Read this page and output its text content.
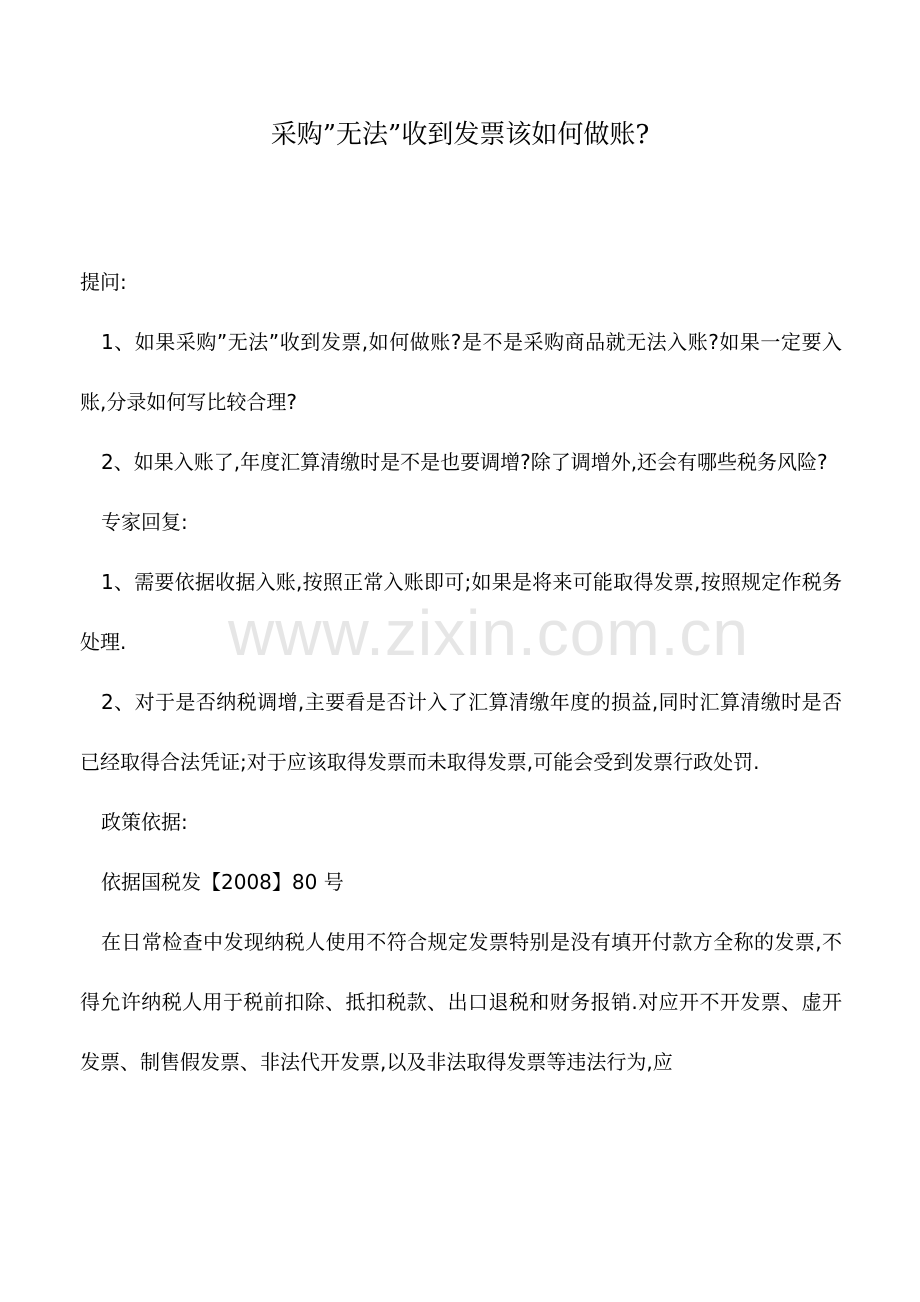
www.zixin.com.cn
采购”无法”收到发票该如何做账?

提问:

1、如果采购”无法”收到发票,如何做账?是不是采购商品就无法入账?如果一定要入账,分录如何写比较合理?

2、如果入账了,年度汇算清缴时是不是也要调增?除了调增外,还会有哪些税务风险?

专家回复:

1、需要依据收据入账,按照正常入账即可;如果是将来可能取得发票,按照规定作税务处理.

2、对于是否纳税调增,主要看是否计入了汇算清缴年度的损益,同时汇算清缴时是否已经取得合法凭证;对于应该取得发票而未取得发票,可能会受到发票行政处罚.

政策依据:

依据国税发【2008】80 号

在日常检查中发现纳税人使用不符合规定发票特别是没有填开付款方全称的发票,不得允许纳税人用于税前扣除、抵扣税款、出口退税和财务报销.对应开不开发票、虚开发票、制售假发票、非法代开发票,以及非法取得发票等违法行为,应
